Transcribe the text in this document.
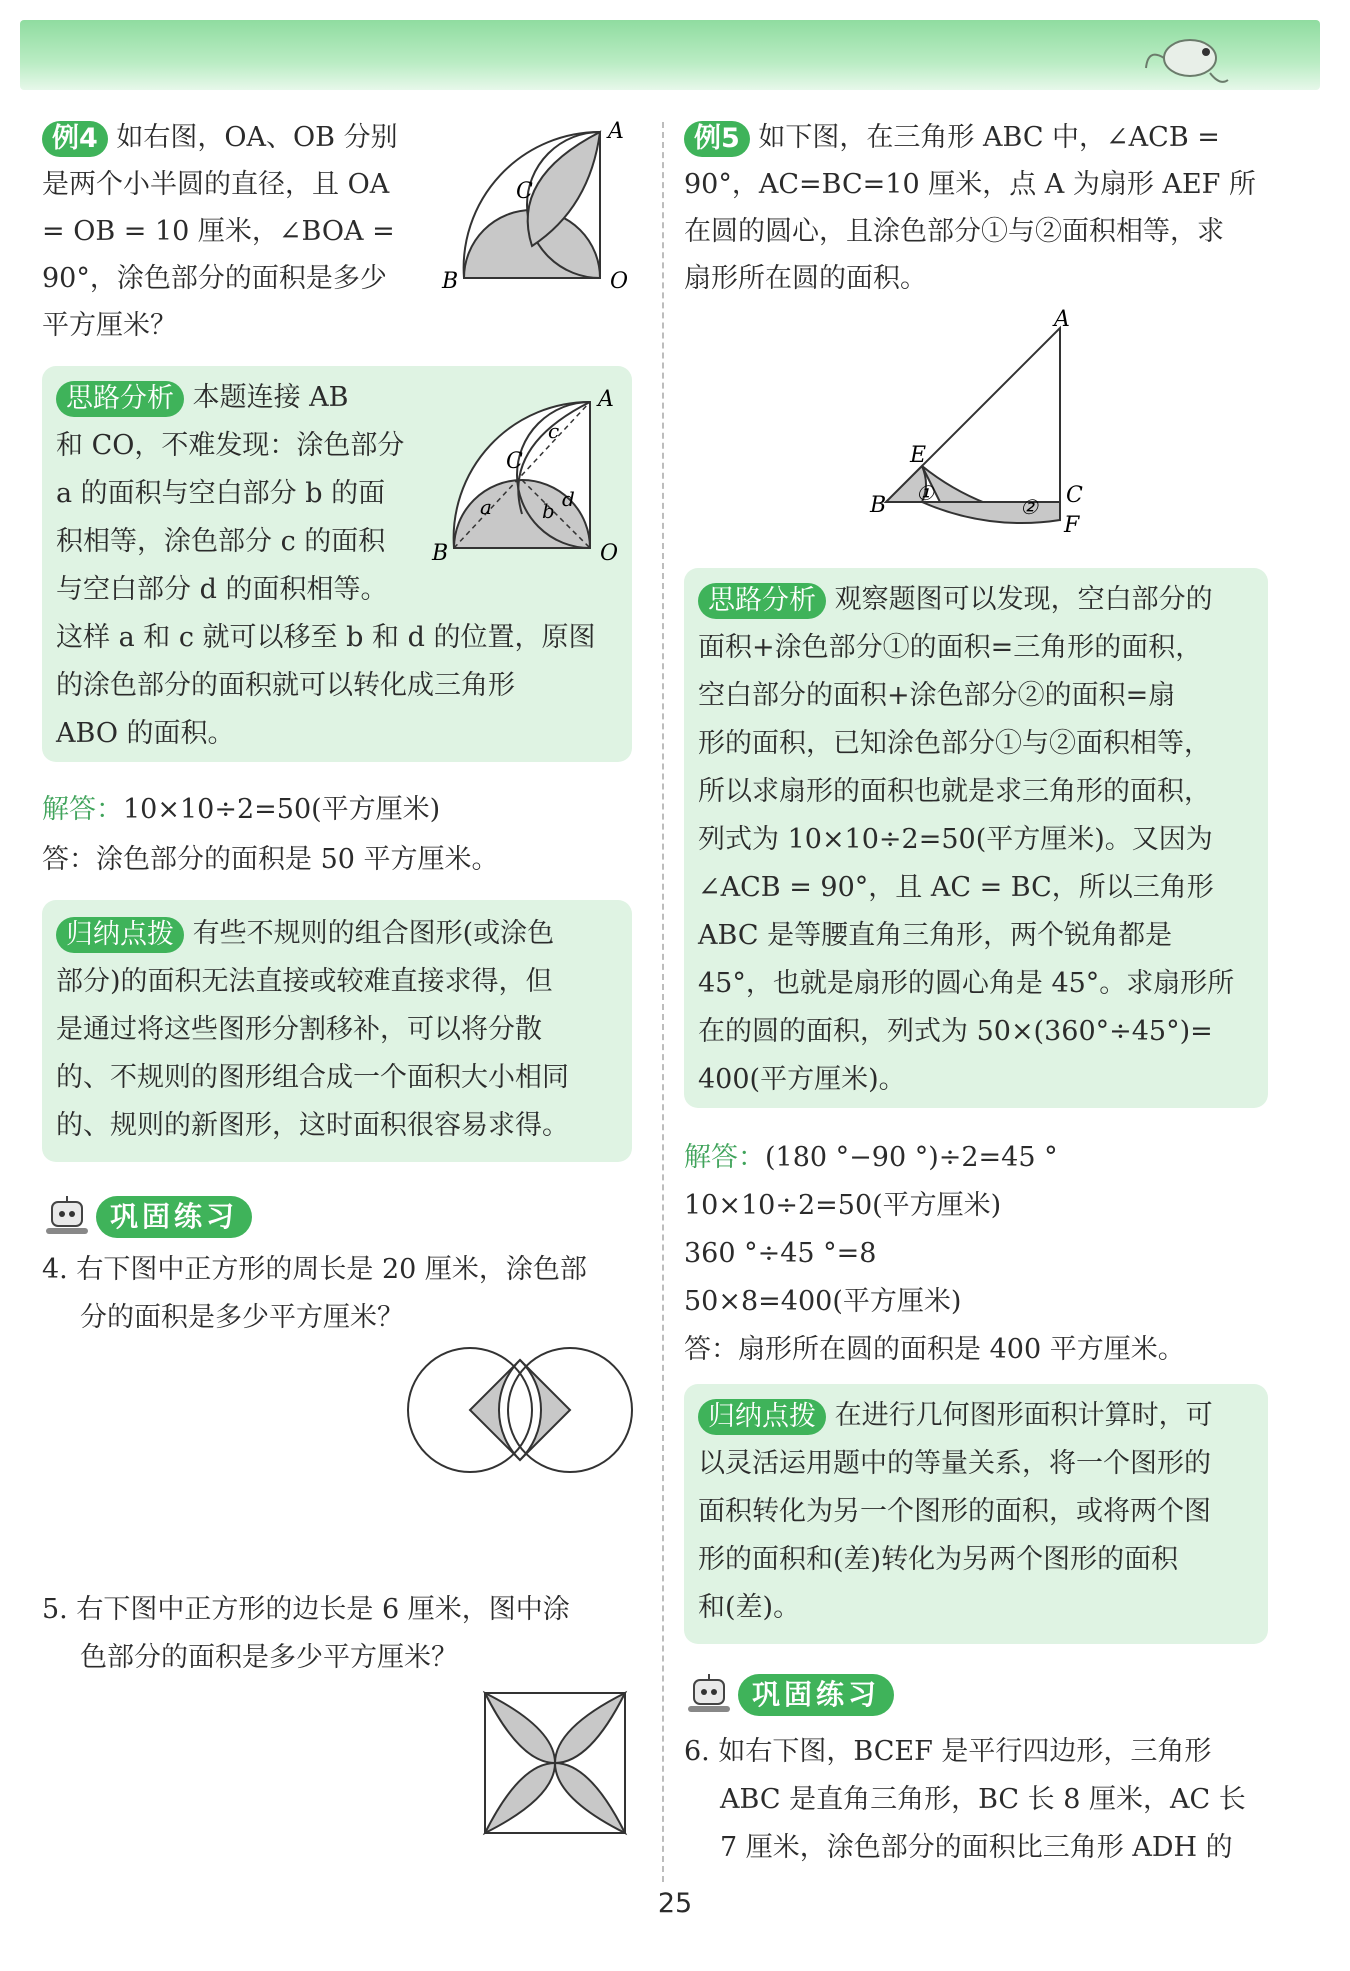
例4 如右图，OA、OB 分别
是两个小半圆的直径，且 OA
= OB = 10 厘米，∠BOA =
90°，涂色部分的面积是多少
平方厘米？
A
B
C
O
思路分析 本题连接 AB
和 CO，不难发现：涂色部分
a 的面积与空白部分 b 的面
积相等，涂色部分 c 的面积
与空白部分 d 的面积相等。
这样 a 和 c 就可以移至 b 和 d 的位置，原图
的涂色部分的面积就可以转化成三角形
ABO 的面积。
A
B
C
O
a	b
c
d
解答：10×10÷2=50(平方厘米)
答：涂色部分的面积是 50 平方厘米。
归纳点拨 有些不规则的组合图形(或涂色
部分)的面积无法直接或较难直接求得，但
是通过将这些图形分割移补，可以将分散
的、不规则的图形组合成一个面积大小相同
的、规则的新图形，这时面积很容易求得。
巩固练习
4. 右下图中正方形的周长是 20 厘米，涂色部
分的面积是多少平方厘米？
5. 右下图中正方形的边长是 6 厘米，图中涂
色部分的面积是多少平方厘米？
例5 如下图，在三角形 ABC 中，∠ACB =
90°，AC=BC=10 厘米，点 A 为扇形 AEF 所
在圆的圆心，且涂色部分①与②面积相等，求
扇形所在圆的面积。
A
B	C
E
F
①
②
思路分析 观察题图可以发现，空白部分的
面积+涂色部分①的面积=三角形的面积，
空白部分的面积+涂色部分②的面积=扇
形的面积，已知涂色部分①与②面积相等，
所以求扇形的面积也就是求三角形的面积，
列式为 10×10÷2=50(平方厘米)。又因为
∠ACB = 90°，且 AC = BC，所以三角形
ABC 是等腰直角三角形，两个锐角都是
45°，也就是扇形的圆心角是 45°。求扇形所
在的圆的面积，列式为 50×(360°÷45°)=
400(平方厘米)。
解答：(180 °−90 °)÷2=45 °
10×10÷2=50(平方厘米)
360 °÷45 °=8
50×8=400(平方厘米)
答：扇形所在圆的面积是 400 平方厘米。
归纳点拨 在进行几何图形面积计算时，可
以灵活运用题中的等量关系，将一个图形的
面积转化为另一个图形的面积，或将两个图
形的面积和(差)转化为另两个图形的面积
和(差)。
巩固练习
6. 如右下图，BCEF 是平行四边形，三角形
ABC 是直角三角形，BC 长 8 厘米，AC 长
7 厘米，涂色部分的面积比三角形 ADH 的
25
